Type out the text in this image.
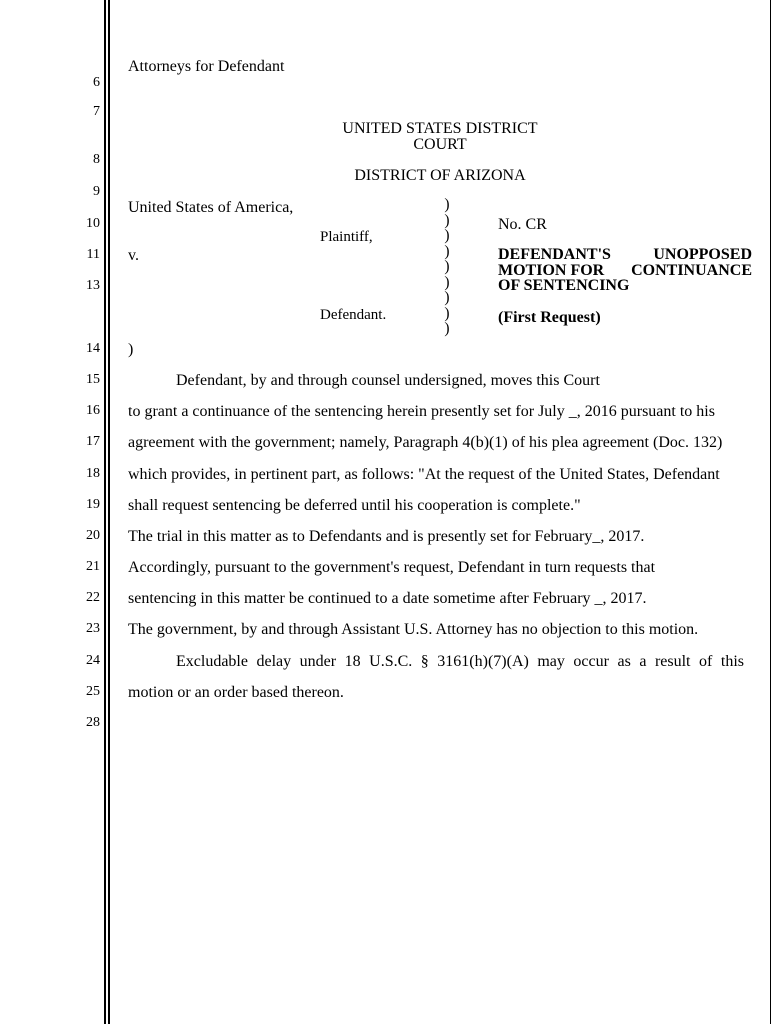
6
7
8
9
10
11
13
14
15
16
17
18
19
20
21
22
23
24
25
28
Attorneys for Defendant
UNITED STATES DISTRICT
COURT
DISTRICT OF ARIZONA
United States of America,
Plaintiff,
v.
Defendant.
)
)
)
)
)
)
)
)
)
)
No. CR
DEFENDANT'S	UNOPPOSED
MOTION FOR CONTINUANCE
OF SENTENCING
(First Request)
Defendant, by and through counsel undersigned, moves this Court
to grant a continuance of the sentencing herein presently set for July _, 2016 pursuant to his
agreement with the government; namely, Paragraph 4(b)(1) of his plea agreement (Doc. 132)
which provides, in pertinent part, as follows: "At the request of the United States, Defendant
shall request sentencing be deferred until his cooperation is complete."
The trial in this matter as to Defendants and is presently set for February_, 2017.
Accordingly, pursuant to the government's request, Defendant in turn requests that
sentencing in this matter be continued to a date sometime after February _, 2017.
The government, by and through Assistant U.S. Attorney has no objection to this motion.
Excludable delay under 18 U.S.C. § 3161(h)(7)(A) may occur as a result of this
motion or an order based thereon.
